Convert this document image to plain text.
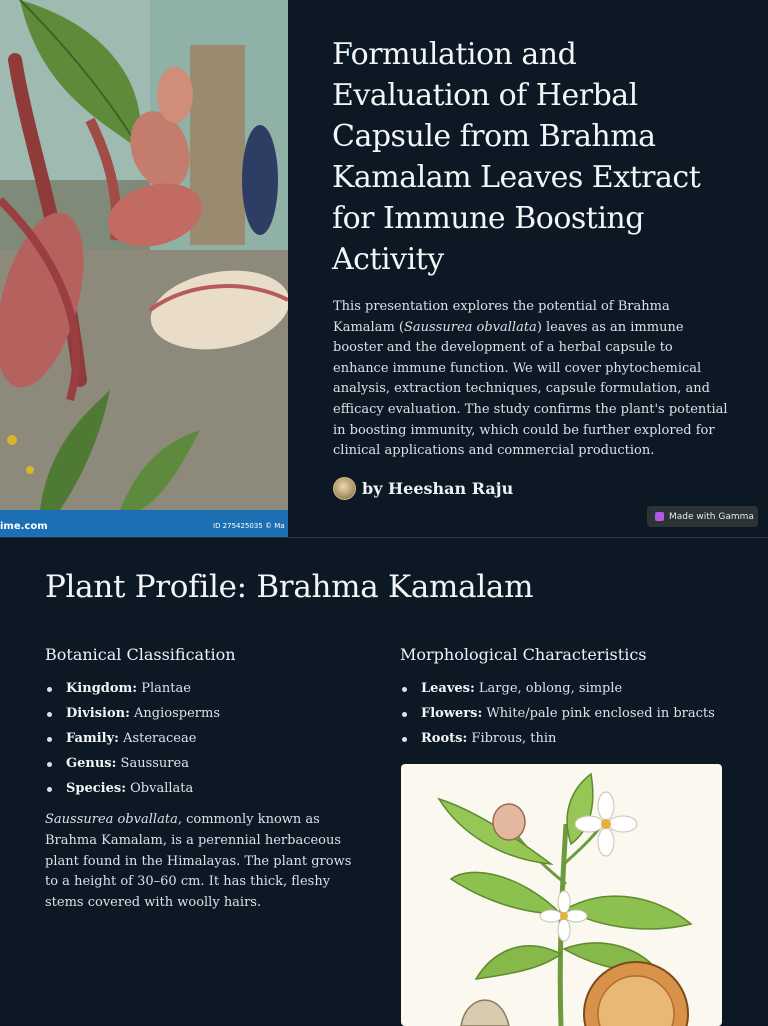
ime.com	ID 275425035 © Ma
Formulation and Evaluation of Herbal Capsule from Brahma Kamalam Leaves Extract for Immune Boosting Activity

This presentation explores the potential of Brahma Kamalam (Saussurea obvallata) leaves as an immune booster and the development of a herbal capsule to enhance immune function. We will cover phytochemical analysis, extraction techniques, capsule formulation, and efficacy evaluation. The study confirms the plant's potential in boosting immunity, which could be further explored for clinical applications and commercial production.

by Heeshan Raju
Made with Gamma
Plant Profile: Brahma Kamalam
Botanical Classification
Kingdom: Plantae
Division: Angiosperms
Family: Asteraceae
Genus: Saussurea
Species: Obvallata

Saussurea obvallata, commonly known as Brahma Kamalam, is a perennial herbaceous plant found in the Himalayas. The plant grows to a height of 30–60 cm. It has thick, fleshy stems covered with woolly hairs.

Morphological Characteristics
Leaves: Large, oblong, simple
Flowers: White/pale pink enclosed in bracts
Roots: Fibrous, thin
